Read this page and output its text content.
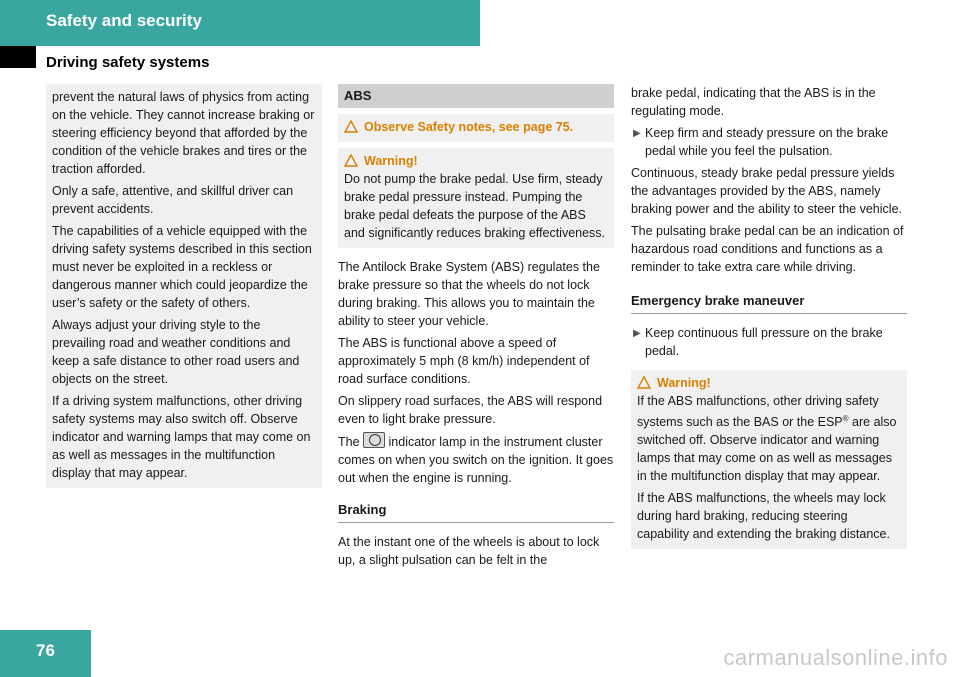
Safety and security
Driving safety systems

prevent the natural laws of physics from acting on the vehicle. They cannot increase braking or steering efficiency beyond that afforded by the condition of the vehicle brakes and tires or the traction afforded.

Only a safe, attentive, and skillful driver can prevent accidents.

The capabilities of a vehicle equipped with the driving safety systems described in this section must never be exploited in a reckless or dangerous manner which could jeopardize the user’s safety or the safety of others.

Always adjust your driving style to the prevailing road and weather conditions and keep a safe distance to other road users and objects on the street.

If a driving system malfunctions, other driving safety systems may also switch off. Observe indicator and warning lamps that may come on as well as messages in the multifunction display that may appear.

ABS
Observe Safety notes, see page 75.
Warning!

Do not pump the brake pedal. Use firm, steady brake pedal pressure instead. Pumping the brake pedal defeats the purpose of the ABS and significantly reduces braking effectiveness.

The Antilock Brake System (ABS) regulates the brake pressure so that the wheels do not lock during braking. This allows you to maintain the ability to steer your vehicle.

The ABS is functional above a speed of approximately 5 mph (8 km/h) independent of road surface conditions.

On slippery road surfaces, the ABS will respond even to light brake pressure.

The indicator lamp in the instrument cluster comes on when you switch on the ignition. It goes out when the engine is running.

Braking

At the instant one of the wheels is about to lock up, a slight pulsation can be felt in the

brake pedal, indicating that the ABS is in the regulating mode.

▶ Keep firm and steady pressure on the brake pedal while you feel the pulsation.

Continuous, steady brake pedal pressure yields the advantages provided by the ABS, namely braking power and the ability to steer the vehicle.

The pulsating brake pedal can be an indication of hazardous road conditions and functions as a reminder to take extra care while driving.

Emergency brake maneuver

▶ Keep continuous full pressure on the brake pedal.

Warning!

If the ABS malfunctions, other driving safety systems such as the BAS or the ESP® are also switched off. Observe indicator and warning lamps that may come on as well as messages in the multifunction display that may appear.

If the ABS malfunctions, the wheels may lock during hard braking, reducing steering capability and extending the braking distance.

76	carmanualsonline.info
